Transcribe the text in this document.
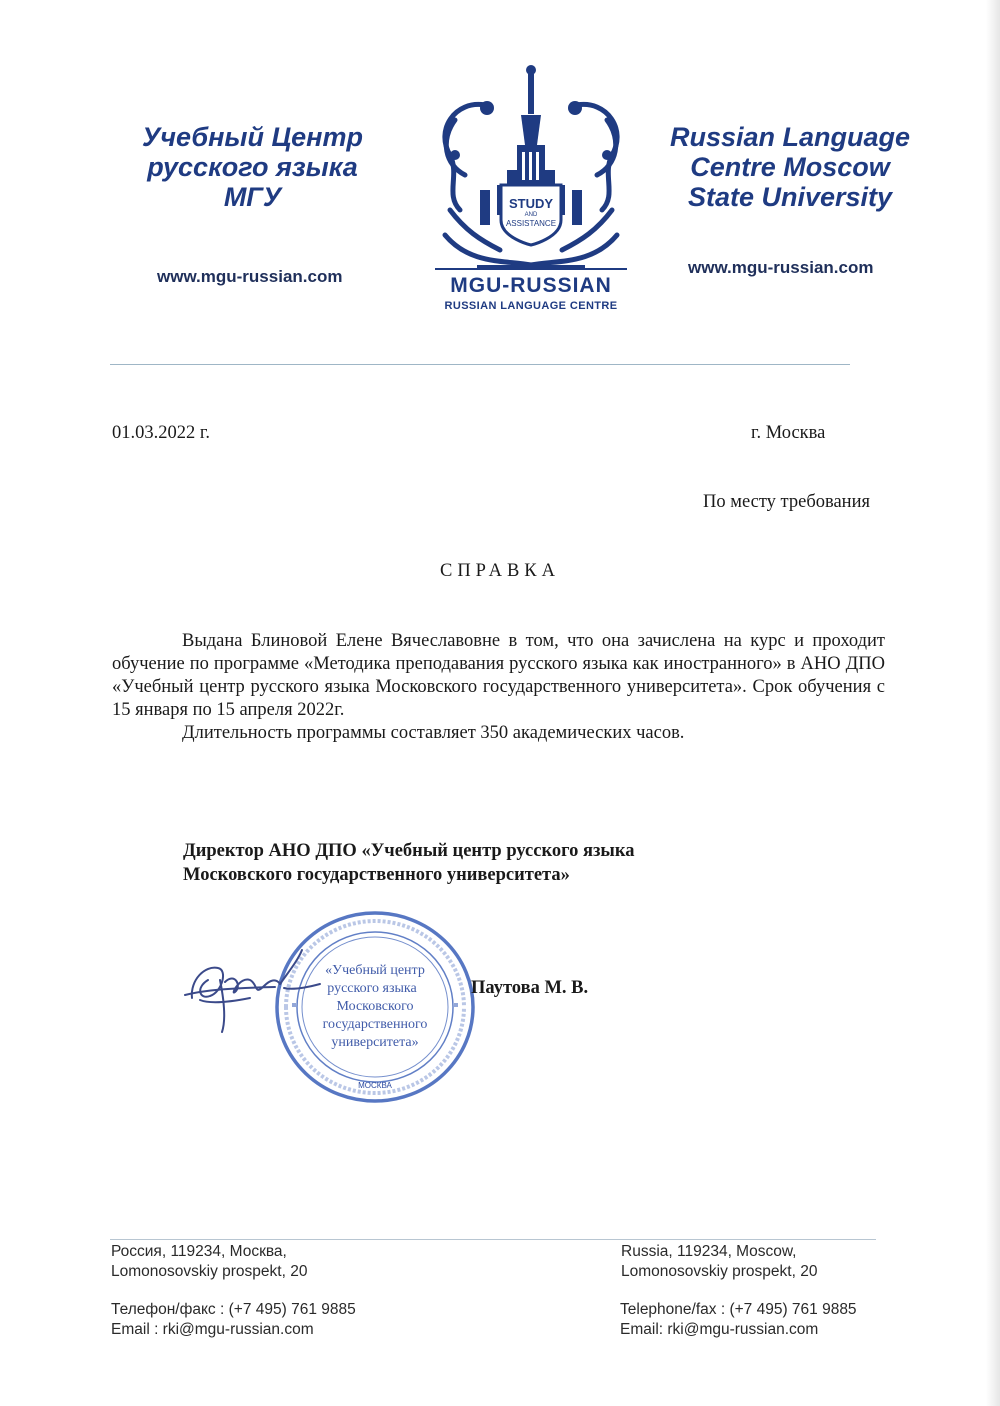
Учебный Центр
русского языка
МГУ
www.mgu-russian.com
Russian Language
Centre Moscow
State University
www.mgu-russian.com
STUDY
AND
ASSISTANCE
MGU-RUSSIAN
RUSSIAN LANGUAGE CENTRE
01.03.2022 г.	г. Москва
По месту требования
СПРАВКА

Выдана Блиновой Елене Вячеславовне в том, что она зачислена на курс и проходит обучение по программе «Методика преподавания русского языка как иностранного» в АНО ДПО «Учебный центр русского языка Московского государственного университета». Срок обучения с 15 января по 15 апреля 2022г.

Длительность программы составляет 350 академических часов.

Директор АНО ДПО «Учебный центр русского языка
Московского государственного университета»
«Учебный центр
русского языка
Московского
государственного
университета»
МОСКВА
Паутова М. В.
Россия, 119234, Москва,
Lomonosovskiy prospekt, 20
Russia, 119234, Moscow,
Lomonosovskiy prospekt, 20
Телефон/факс : (+7 495) 761 9885
Email : rki@mgu-russian.com
Telephone/fax : (+7 495) 761 9885
Email: rki@mgu-russian.com
